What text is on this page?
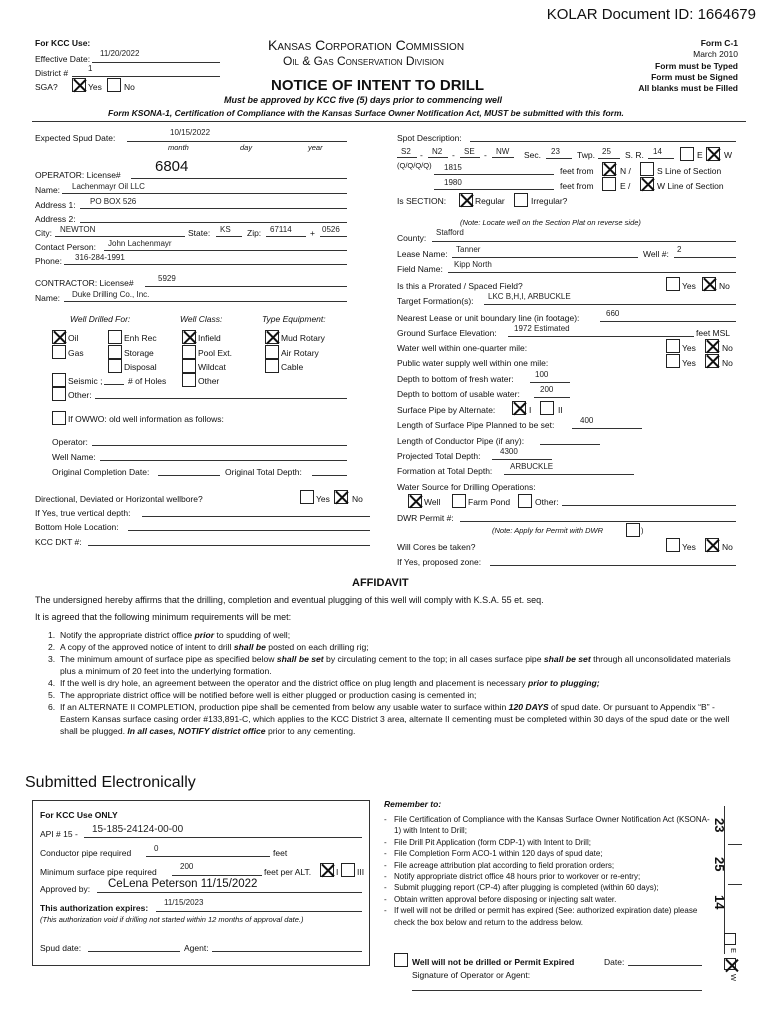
KOLAR Document ID: 1664679
For KCC Use:
Effective Date:
11/20/2022
District # 1
SGA?	Yes	No
Kansas Corporation Commission
Oil & Gas Conservation Division
NOTICE OF INTENT TO DRILL
Form C-1
March 2010
Form must be Typed
Form must be Signed
All blanks must be Filled
Must be approved by KCC five (5) days prior to commencing well
Form KSONA-1, Certification of Compliance with the Kansas Surface Owner Notification Act, MUST be submitted with this form.
Expected Spud Date:
10/15/2022
month	day	year
OPERATOR: License# 6804
Name: Lachenmayr Oil LLC
Address 1: PO BOX 526
Address 2:
City: NEWTON	State: KS Zip: 67114 + 0526
Contact Person: John Lachenmayr
Phone: 316-284-1991
CONTRACTOR: License#	5929
Name: Duke Drilling Co., Inc.
Well Drilled For:	Well Class:	Type Equipment:
Oil	Enh Rec	Infield	Mud Rotary
Gas	Storage	Pool Ext.	Air Rotary
Disposal	Wildcat	Cable
Seismic ;	# of Holes	Other
Other:
If OWWO: old well information as follows:
Operator:
Well Name:
Original Completion Date:	Original Total Depth:
Directional, Deviated or Horizontal wellbore?	Yes	No
If Yes, true vertical depth:
Bottom Hole Location:
KCC DKT #:
Spot Description:
S2 - N2 - SE - NW
(Q/Q/Q/Q)
Sec. 23 Twp. 25 S. R. 14	E	W
1815	feet from	N /	S Line of Section
1980	feet from	E /	W Line of Section
Is SECTION:	Regular	Irregular?
(Note: Locate well on the Section Plat on reverse side)
County:
Stafford
Lease Name: Tanner	Well #: 2
Field Name: Kipp North
Is this a Prorated / Spaced Field?	Yes	No
Target Formation(s): LKC B,H,I, ARBUCKLE
Nearest Lease or unit boundary line (in footage):	660
Ground Surface Elevation: 1972 Estimated	feet MSL
Water well within one-quarter mile:	Yes	No
Public water supply well within one mile:	Yes	No
Depth to bottom of fresh water:	100
Depth to bottom of usable water:	200
Surface Pipe by Alternate:	I	II
Length of Surface Pipe Planned to be set:	400
Length of Conductor Pipe (if any):
Projected Total Depth: 4300
Formation at Total Depth: ARBUCKLE
Water Source for Drilling Operations:
Well	Farm Pond	Other:
DWR Permit #:
(Note: Apply for Permit with DWR	)
Will Cores be taken?	Yes	No
If Yes, proposed zone:
AFFIDAVIT
The undersigned hereby affirms that the drilling, completion and eventual plugging of this well will comply with K.S.A. 55 et. seq.
It is agreed that the following minimum requirements will be met:
1. Notify the appropriate district office prior to spudding of well;
2. A copy of the approved notice of intent to drill shall be posted on each drilling rig;
3. The minimum amount of surface pipe as specified below shall be set by circulating cement to the top; in all cases surface pipe shall be set through all unconsolidated materials plus a minimum of 20 feet into the underlying formation.
4. If the well is dry hole, an agreement between the operator and the district office on plug length and placement is necessary prior to plugging;
5. The appropriate district office will be notified before well is either plugged or production casing is cemented in;
6. If an ALTERNATE II COMPLETION, production pipe shall be cemented from below any usable water to surface within 120 DAYS of spud date. Or pursuant to Appendix “B” - Eastern Kansas surface casing order #133,891-C, which applies to the KCC District 3 area, alternate II cementing must be completed within 30 days of the spud date or the well shall be plugged. In all cases, NOTIFY district office prior to any cementing.
Submitted Electronically
For KCC Use ONLY
API # 15 - 15-185-24124-00-00
Conductor pipe required	0	feet
Minimum surface pipe required
200
feet per ALT.	I III
Approved by: CeLena Peterson 11/15/2022
This authorization expires:
11/15/2023
(This authorization void if drilling not started within 12 months of approval date.)
Spud date:	Agent:
Remember to:
- File Certification of Compliance with the Kansas Surface Owner Notification Act (KSONA-1) with Intent to Drill;
- File Drill Pit Application (form CDP-1) with Intent to Drill;
- File Completion Form ACO-1 within 120 days of spud date;
- File acreage attribution plat according to field proration orders;
- Notify appropriate district office 48 hours prior to workover or re-entry;
- Submit plugging report (CP-4) after plugging is completed (within 60 days);
- Obtain written approval before disposing or injecting salt water.
- If well will not be drilled or permit has expired (See: authorized expiration date) please check the box below and return to the address below.
Well will not be drilled or Permit Expired	Date:
Signature of Operator or Agent:
23
25
14
E
W
